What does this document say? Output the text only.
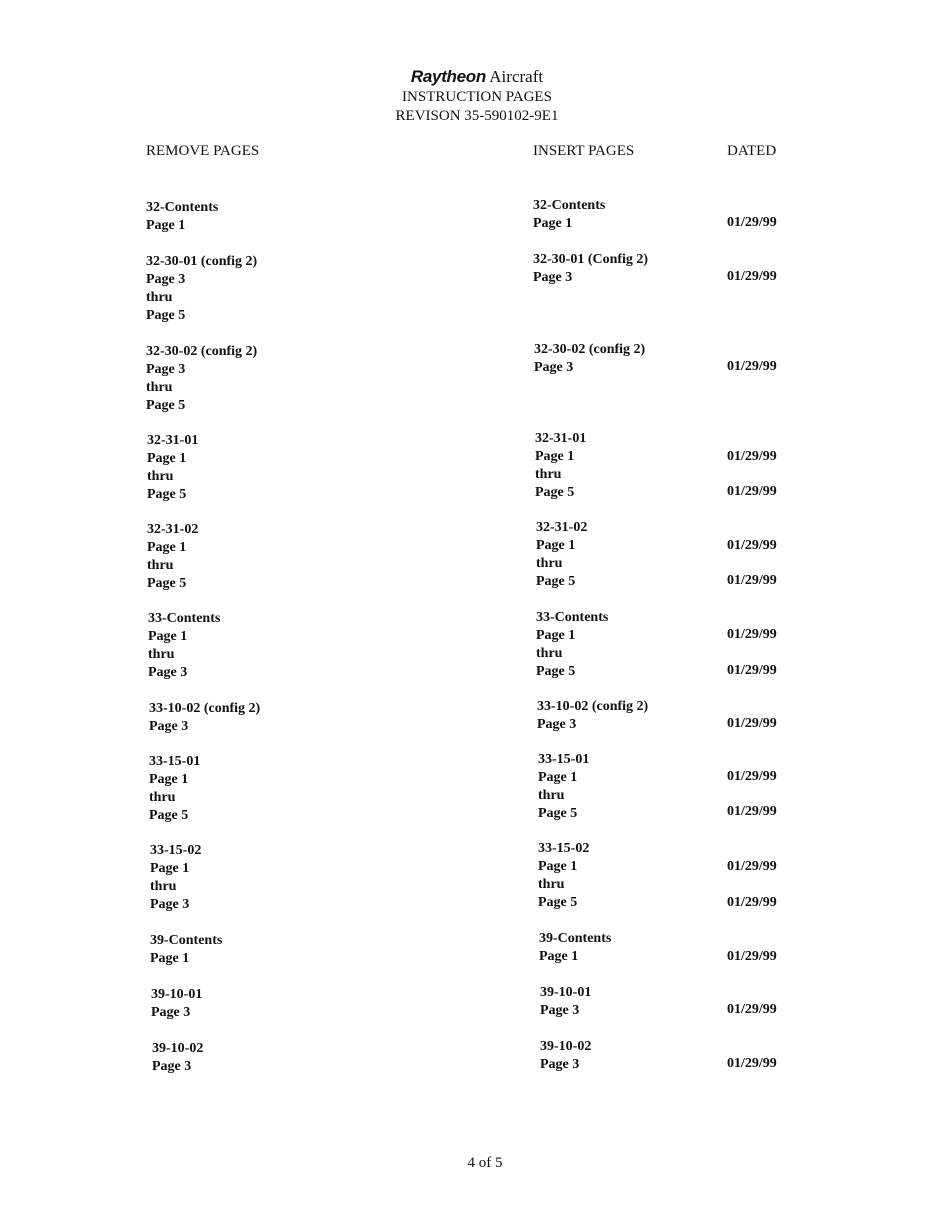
Raytheon Aircraft
INSTRUCTION PAGES
REVISON 35-590102-9E1
REMOVE PAGES	INSERT PAGES	DATED
32-Contents
Page 1
32-30-01 (config 2)
Page 3
thru
Page 5
32-30-02 (config 2)
Page 3
thru
Page 5
32-31-01
Page 1
thru
Page 5
32-31-02
Page 1
thru
Page 5
33-Contents
Page 1
thru
Page 3
33-10-02 (config 2)
Page 3
33-15-01
Page 1
thru
Page 5
33-15-02
Page 1
thru
Page 3
39-Contents
Page 1
39-10-01
Page 3
39-10-02
Page 3
32-Contents
Page 1
32-30-01 (Config 2)
Page 3
32-30-02 (config 2)
Page 3
32-31-01
Page 1
thru
Page 5
32-31-02
Page 1
thru
Page 5
33-Contents
Page 1
thru
Page 5
33-10-02 (config 2)
Page 3
33-15-01
Page 1
thru
Page 5
33-15-02
Page 1
thru
Page 5
39-Contents
Page 1
39-10-01
Page 3
39-10-02
Page 3
01/29/99
01/29/99
01/29/99
01/29/99
01/29/99
01/29/99
01/29/99
01/29/99
01/29/99
01/29/99
01/29/99
01/29/99
01/29/99
01/29/99
01/29/99
01/29/99
01/29/99
4 of 5
